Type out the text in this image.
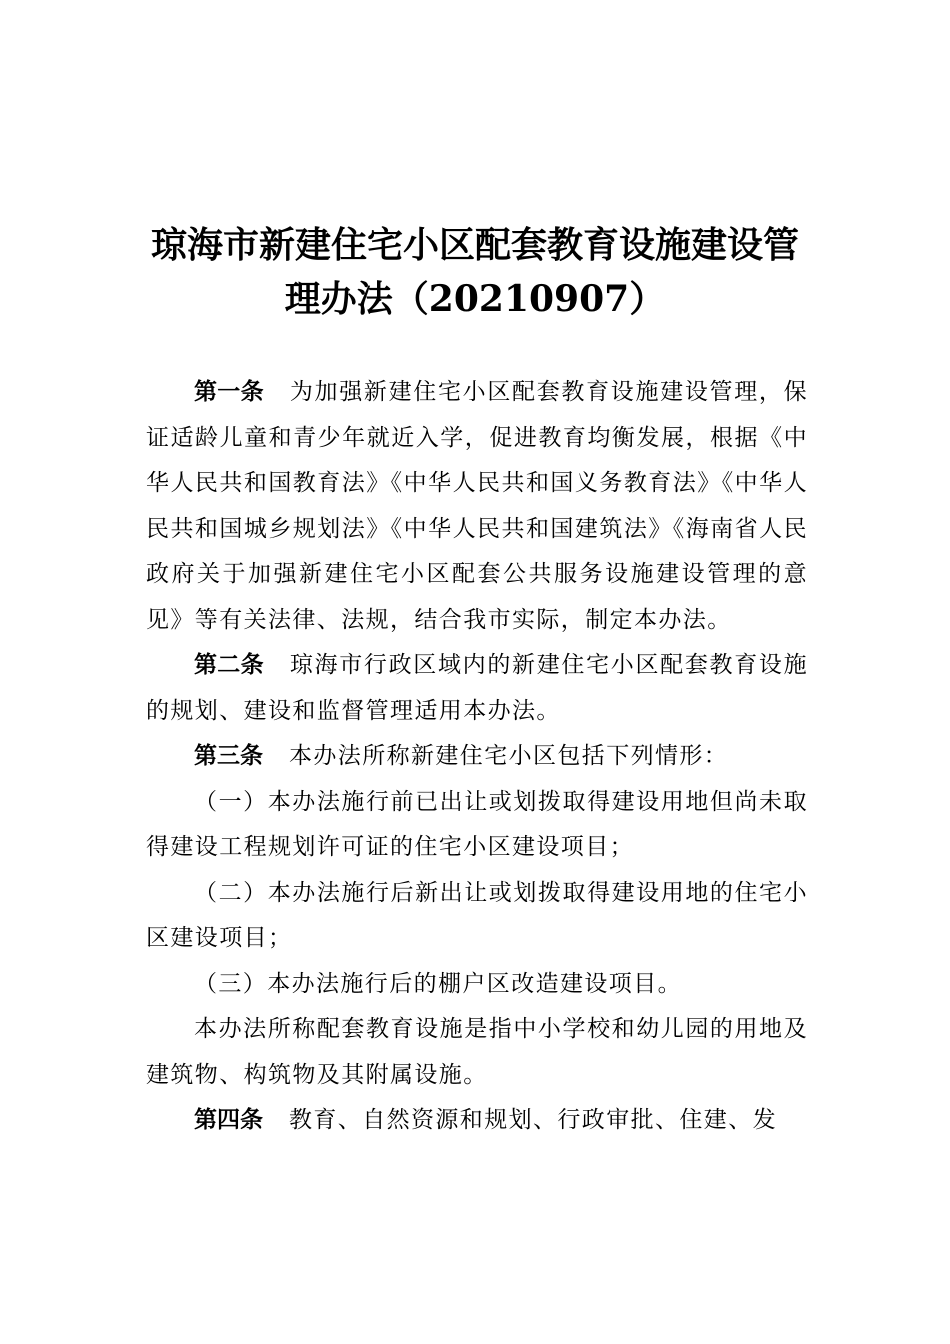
琼海市新建住宅小区配套教育设施建设管
理办法（20210907）

第一条 为加强新建住宅小区配套教育设施建设管理，保证适龄儿童和青少年就近入学，促进教育均衡发展，根据《中华人民共和国教育法》《中华人民共和国义务教育法》《中华人民共和国城乡规划法》《中华人民共和国建筑法》《海南省人民政府关于加强新建住宅小区配套公共服务设施建设管理的意见》等有关法律、法规，结合我市实际，制定本办法。

第二条 琼海市行政区域内的新建住宅小区配套教育设施的规划、建设和监督管理适用本办法。

第三条 本办法所称新建住宅小区包括下列情形：

（一）本办法施行前已出让或划拨取得建设用地但尚未取得建设工程规划许可证的住宅小区建设项目；

（二）本办法施行后新出让或划拨取得建设用地的住宅小区建设项目；

（三）本办法施行后的棚户区改造建设项目。

本办法所称配套教育设施是指中小学校和幼儿园的用地及建筑物、构筑物及其附属设施。

第四条 教育、自然资源和规划、行政审批、住建、发
